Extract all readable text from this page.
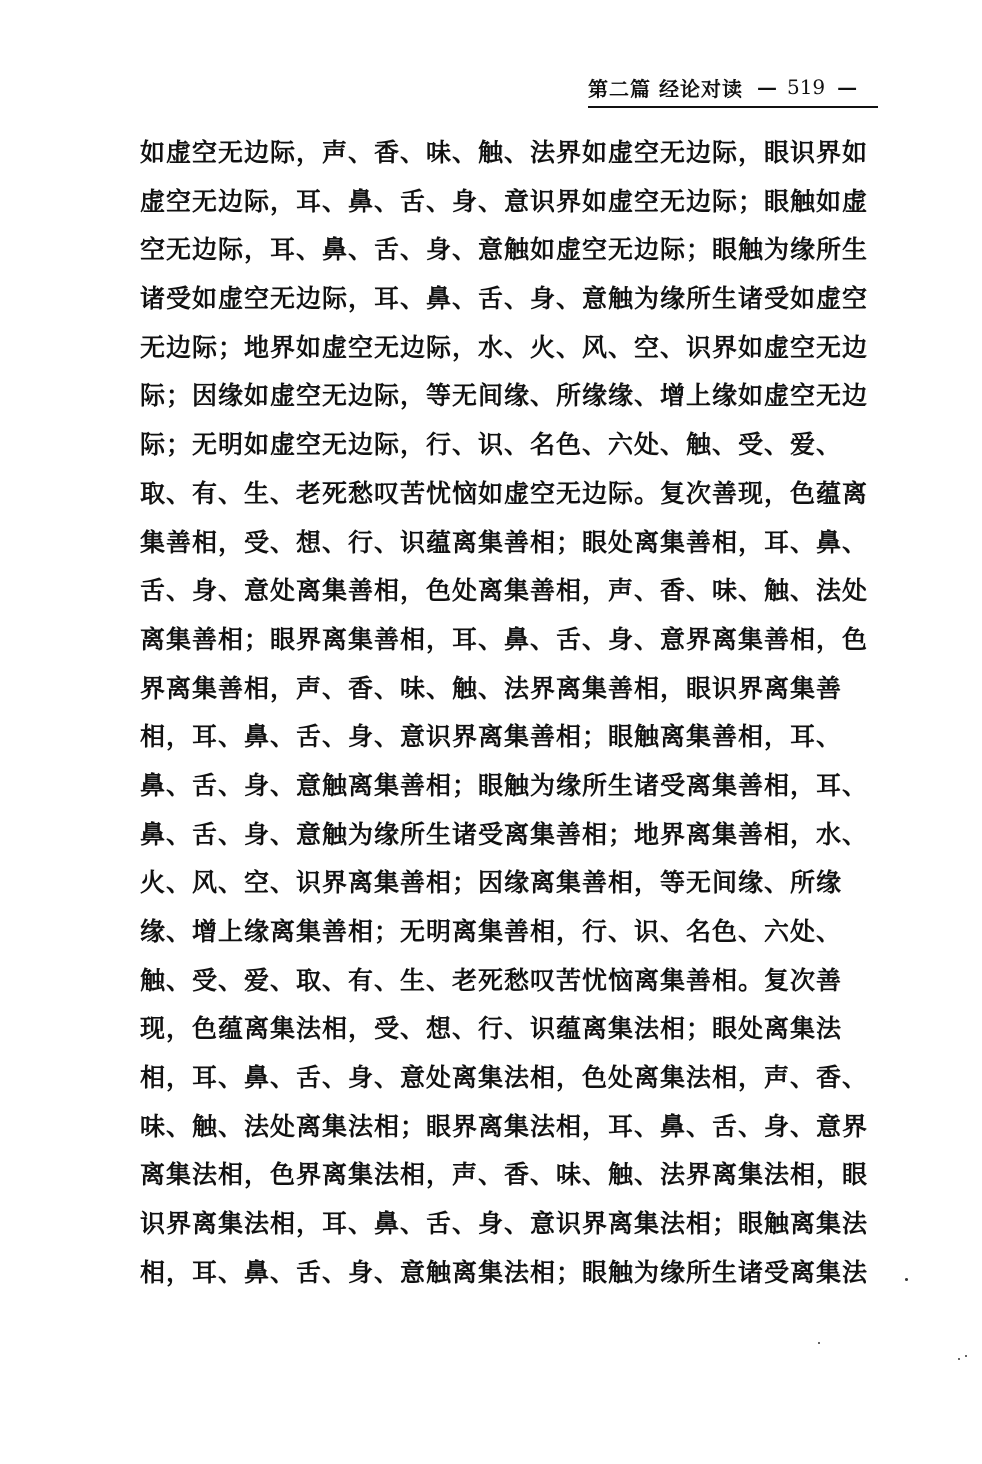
第二篇 经论对读 — 519 —
如虚空无边际，声、香、味、触、法界如虚空无边际，眼识界如
虚空无边际，耳、鼻、舌、身、意识界如虚空无边际；眼触如虚
空无边际，耳、鼻、舌、身、意触如虚空无边际；眼触为缘所生
诸受如虚空无边际，耳、鼻、舌、身、意触为缘所生诸受如虚空
无边际；地界如虚空无边际，水、火、风、空、识界如虚空无边
际；因缘如虚空无边际，等无间缘、所缘缘、增上缘如虚空无边
际；无明如虚空无边际，行、识、名色、六处、触、受、爱、
取、有、生、老死愁叹苦忧恼如虚空无边际。复次善现，色蕴离
集善相，受、想、行、识蕴离集善相；眼处离集善相，耳、鼻、
舌、身、意处离集善相，色处离集善相，声、香、味、触、法处
离集善相；眼界离集善相，耳、鼻、舌、身、意界离集善相，色
界离集善相，声、香、味、触、法界离集善相，眼识界离集善
相，耳、鼻、舌、身、意识界离集善相；眼触离集善相，耳、
鼻、舌、身、意触离集善相；眼触为缘所生诸受离集善相，耳、
鼻、舌、身、意触为缘所生诸受离集善相；地界离集善相，水、
火、风、空、识界离集善相；因缘离集善相，等无间缘、所缘
缘、增上缘离集善相；无明离集善相，行、识、名色、六处、
触、受、爱、取、有、生、老死愁叹苦忧恼离集善相。复次善
现，色蕴离集法相，受、想、行、识蕴离集法相；眼处离集法
相，耳、鼻、舌、身、意处离集法相，色处离集法相，声、香、
味、触、法处离集法相；眼界离集法相，耳、鼻、舌、身、意界
离集法相，色界离集法相，声、香、味、触、法界离集法相，眼
识界离集法相，耳、鼻、舌、身、意识界离集法相；眼触离集法
相，耳、鼻、舌、身、意触离集法相；眼触为缘所生诸受离集法
